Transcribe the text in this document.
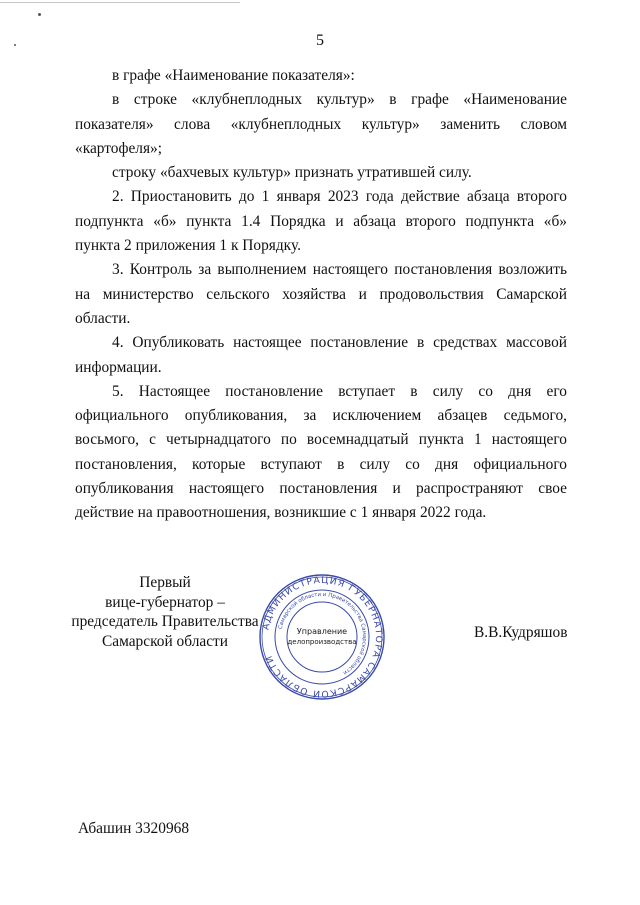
5

в графе «Наименование показателя»:

в строке «клубнеплодных культур» в графе «Наименование
показателя» слова «клубнеплодных культур» заменить словом

«картофеля»;

строку «бахчевых культур» признать утратившей силу.

2. Приостановить до 1 января 2023 года действие абзаца второго
подпункта «б» пункта 1.4 Порядка и абзаца второго подпункта «б»

пункта 2 приложения 1 к Порядку.

3. Контроль за выполнением настоящего постановления возложить
на министерство сельского хозяйства и продовольствия Самарской

области.

4. Опубликовать настоящее постановление в средствах массовой

информации.

5. Настоящее постановление вступает в силу со дня его
официального опубликования, за исключением абзацев седьмого,
восьмого, с четырнадцатого по восемнадцатый пункта 1 настоящего
постановления, которые вступают в силу со дня официального
опубликования настоящего постановления и распространяют свое

действие на правоотношения, возникшие с 1 января 2022 года.

Первый
вице-губернатор –
председатель Правительства
Самарской области
АДМИНИСТРАЦИЯ ГУБЕРНАТОРА САМАРСКОЙ ОБЛАСТИ
Самарской области и Правительства Самарской области
Управление
делопроизводства
В.В.Кудряшов
Абашин 3320968
